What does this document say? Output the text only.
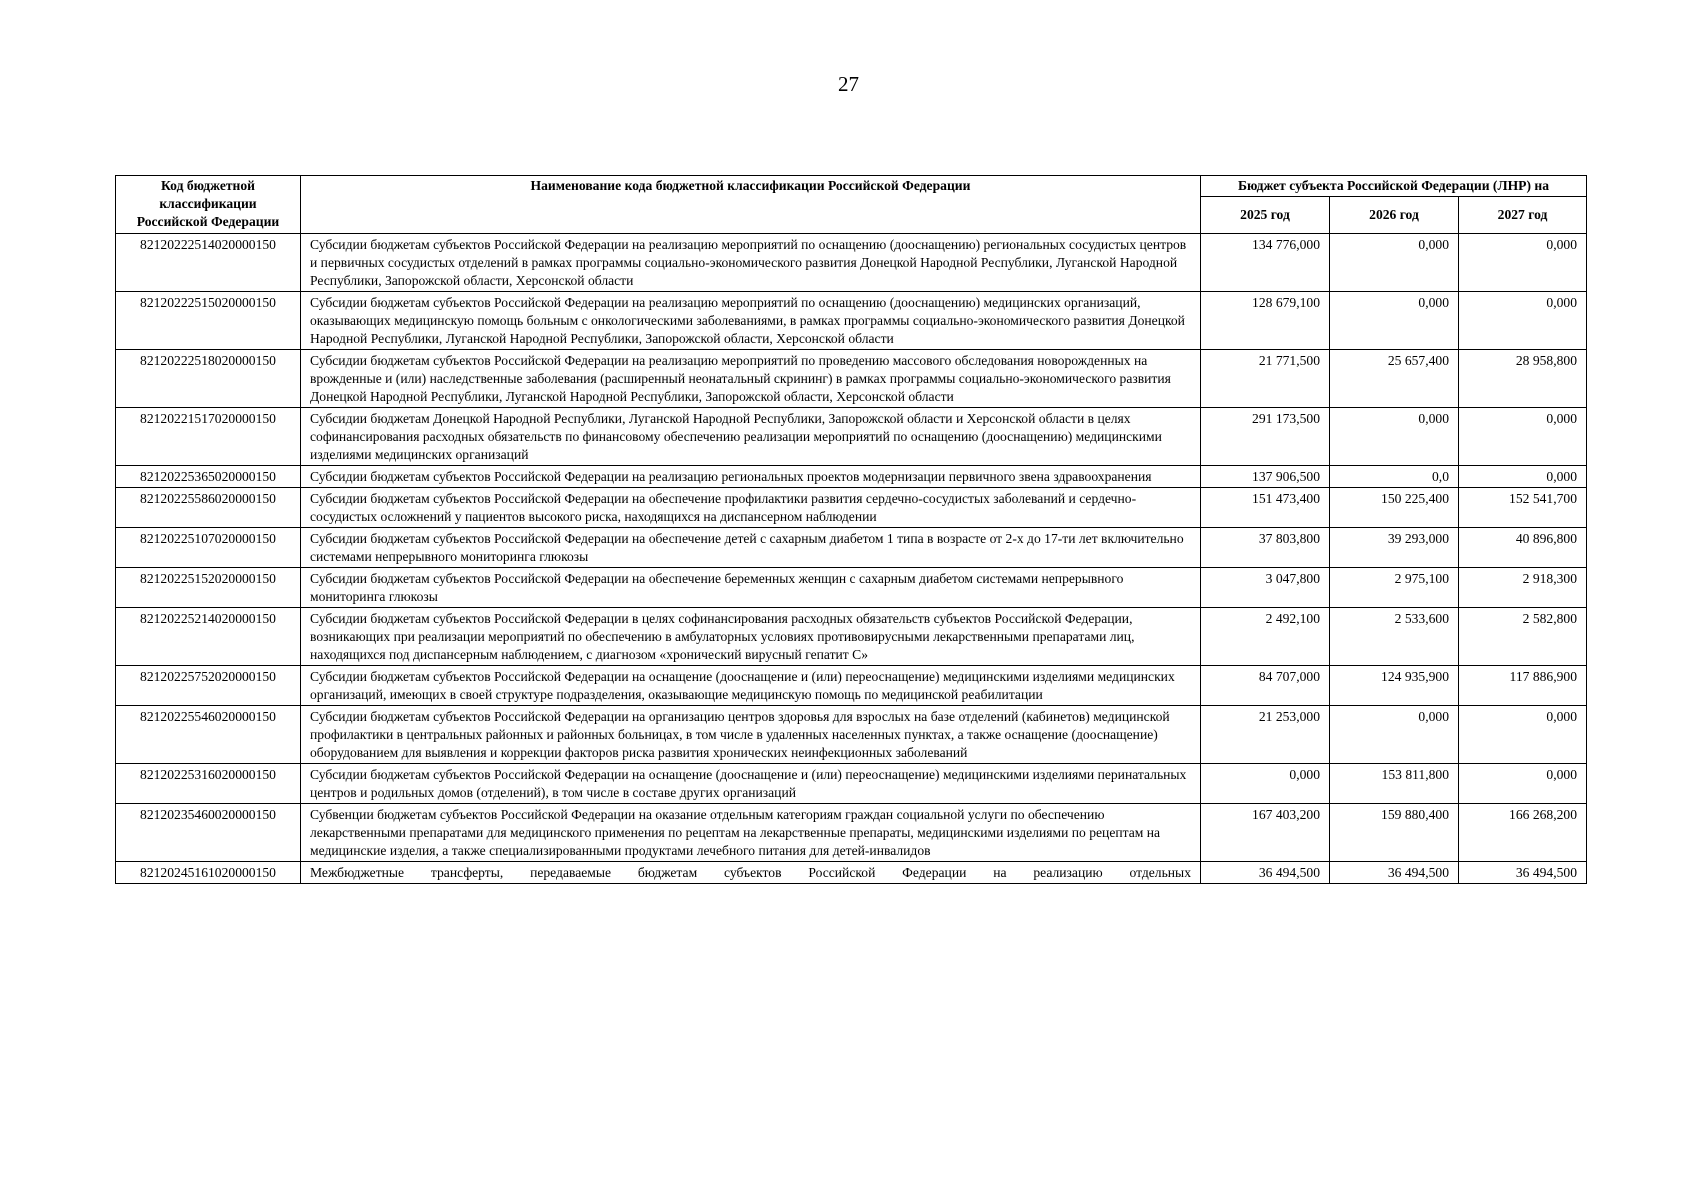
27
Код бюджетной классификации Российской Федерации	Наименование кода бюджетной классификации Российской Федерации	Бюджет субъекта Российской Федерации (ЛНР) на		
		2025 год	2026 год	2027 год
82120222514020000150	Субсидии бюджетам субъектов Российской Федерации на реализацию мероприятий по оснащению (дооснащению) региональных сосудистых центров и первичных сосудистых отделений в рамках программы социально-экономического развития Донецкой Народной Республики, Луганской Народной Республики, Запорожской области, Херсонской области	134 776,000	0,000	0,000
82120222515020000150	Субсидии бюджетам субъектов Российской Федерации на реализацию мероприятий по оснащению (дооснащению) медицинских организаций, оказывающих медицинскую помощь больным с онкологическими заболеваниями, в рамках программы социально-экономического развития Донецкой Народной Республики, Луганской Народной Республики, Запорожской области, Херсонской области	128 679,100	0,000	0,000
82120222518020000150	Субсидии бюджетам субъектов Российской Федерации на реализацию мероприятий по проведению массового обследования новорожденных на врожденные и (или) наследственные заболевания (расширенный неонатальный скрининг) в рамках программы социально-экономического развития Донецкой Народной Республики, Луганской Народной Республики, Запорожской области, Херсонской области	21 771,500	25 657,400	28 958,800
82120221517020000150	Субсидии бюджетам Донецкой Народной Республики, Луганской Народной Республики, Запорожской области и Херсонской области в целях софинансирования расходных обязательств по финансовому обеспечению реализации мероприятий по оснащению (дооснащению) медицинскими изделиями медицинских организаций	291 173,500	0,000	0,000
82120225365020000150	Субсидии бюджетам субъектов Российской Федерации на реализацию региональных проектов модернизации первичного звена здравоохранения	137 906,500	0,0	0,000
82120225586020000150	Субсидии бюджетам субъектов Российской Федерации на обеспечение профилактики развития сердечно-сосудистых заболеваний и сердечно-сосудистых осложнений у пациентов высокого риска, находящихся на диспансерном наблюдении	151 473,400	150 225,400	152 541,700
82120225107020000150	Субсидии бюджетам субъектов Российской Федерации на обеспечение детей с сахарным диабетом 1 типа в возрасте от 2-х до 17-ти лет включительно системами непрерывного мониторинга глюкозы	37 803,800	39 293,000	40 896,800
82120225152020000150	Субсидии бюджетам субъектов Российской Федерации на обеспечение беременных женщин с сахарным диабетом системами непрерывного мониторинга глюкозы	3 047,800	2 975,100	2 918,300
82120225214020000150	Субсидии бюджетам субъектов Российской Федерации в целях софинансирования расходных обязательств субъектов Российской Федерации, возникающих при реализации мероприятий по обеспечению в амбулаторных условиях противовирусными лекарственными препаратами лиц, находящихся под диспансерным наблюдением, с диагнозом «хронический вирусный гепатит С»	2 492,100	2 533,600	2 582,800
82120225752020000150	Субсидии бюджетам субъектов Российской Федерации на оснащение (дооснащение и (или) переоснащение) медицинскими изделиями медицинских организаций, имеющих в своей структуре подразделения, оказывающие медицинскую помощь по медицинской реабилитации	84 707,000	124 935,900	117 886,900
82120225546020000150	Субсидии бюджетам субъектов Российской Федерации на организацию центров здоровья для взрослых на базе отделений (кабинетов) медицинской профилактики в центральных районных и районных больницах, в том числе в удаленных населенных пунктах, а также оснащение (дооснащение) оборудованием для выявления и коррекции факторов риска развития хронических неинфекционных заболеваний	21 253,000	0,000	0,000
82120225316020000150	Субсидии бюджетам субъектов Российской Федерации на оснащение (дооснащение и (или) переоснащение) медицинскими изделиями перинатальных центров и родильных домов (отделений), в том числе в составе других организаций	0,000	153 811,800	0,000
82120235460020000150	Субвенции бюджетам субъектов Российской Федерации на оказание отдельным категориям граждан социальной услуги по обеспечению лекарственными препаратами для медицинского применения по рецептам на лекарственные препараты, медицинскими изделиями по рецептам на медицинские изделия, а также специализированными продуктами лечебного питания для детей-инвалидов	167 403,200	159 880,400	166 268,200
82120245161020000150	Межбюджетные трансферты, передаваемые бюджетам субъектов Российской Федерации на реализацию отдельных	36 494,500	36 494,500	36 494,500
